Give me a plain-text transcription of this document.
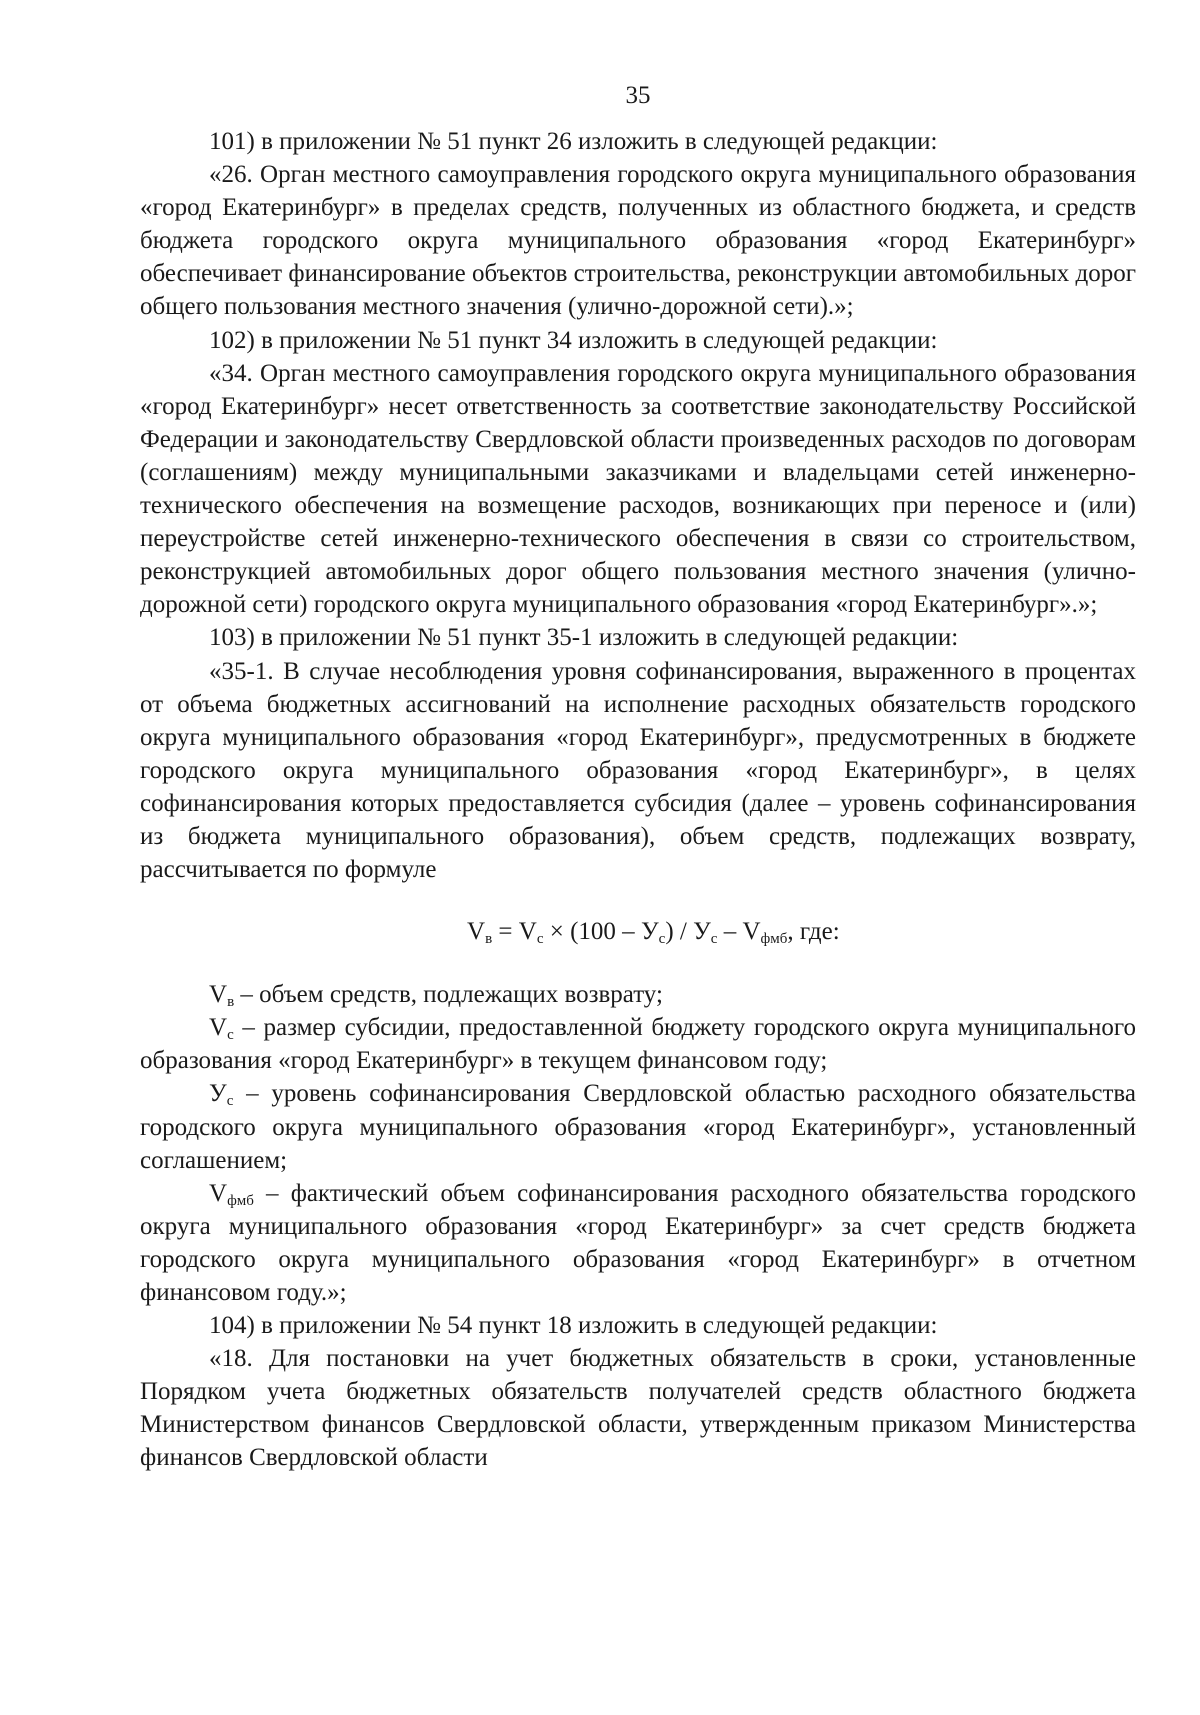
35

101) в приложении № 51 пункт 26 изложить в следующей редакции:

«26. Орган местного самоуправления городского округа муниципального образования «город Екатеринбург» в пределах средств, полученных из областного бюджета, и средств бюджета городского округа муниципального образования «город Екатеринбург» обеспечивает финансирование объектов строительства, реконструкции автомобильных дорог общего пользования местного значения (улично-дорожной сети).»;

102) в приложении № 51 пункт 34 изложить в следующей редакции:

«34. Орган местного самоуправления городского округа муниципального образования «город Екатеринбург» несет ответственность за соответствие законодательству Российской Федерации и законодательству Свердловской области произведенных расходов по договорам (соглашениям) между муниципальными заказчиками и владельцами сетей инженерно-технического обеспечения на возмещение расходов, возникающих при переносе и (или) переустройстве сетей инженерно-технического обеспечения в связи со строительством, реконструкцией автомобильных дорог общего пользования местного значения (улично-дорожной сети) городского округа муниципального образования «город Екатеринбург».»;

103) в приложении № 51 пункт 35-1 изложить в следующей редакции:

«35-1. В случае несоблюдения уровня софинансирования, выраженного в процентах от объема бюджетных ассигнований на исполнение расходных обязательств городского округа муниципального образования «город Екатеринбург», предусмотренных в бюджете городского округа муниципального образования «город Екатеринбург», в целях софинансирования которых предоставляется субсидия (далее – уровень софинансирования из бюджета муниципального образования), объем средств, подлежащих возврату, рассчитывается по формуле

$V_в = V_с \times (100 - У_с) / У_с - V_{фмб}$, где:

$V_в$ – объем средств, подлежащих возврату;

$V_с$ – размер субсидии, предоставленной бюджету городского округа муниципального образования «город Екатеринбург» в текущем финансовом году;

$У_с$ – уровень софинансирования Свердловской областью расходного обязательства городского округа муниципального образования «город Екатеринбург», установленный соглашением;

$V_{фмб}$ – фактический объем софинансирования расходного обязательства городского округа муниципального образования «город Екатеринбург» за счет средств бюджета городского округа муниципального образования «город Екатеринбург» в отчетном финансовом году.»;

104) в приложении № 54 пункт 18 изложить в следующей редакции:

«18. Для постановки на учет бюджетных обязательств в сроки, установленные Порядком учета бюджетных обязательств получателей средств областного бюджета Министерством финансов Свердловской области, утвержденным приказом Министерства финансов Свердловской области
